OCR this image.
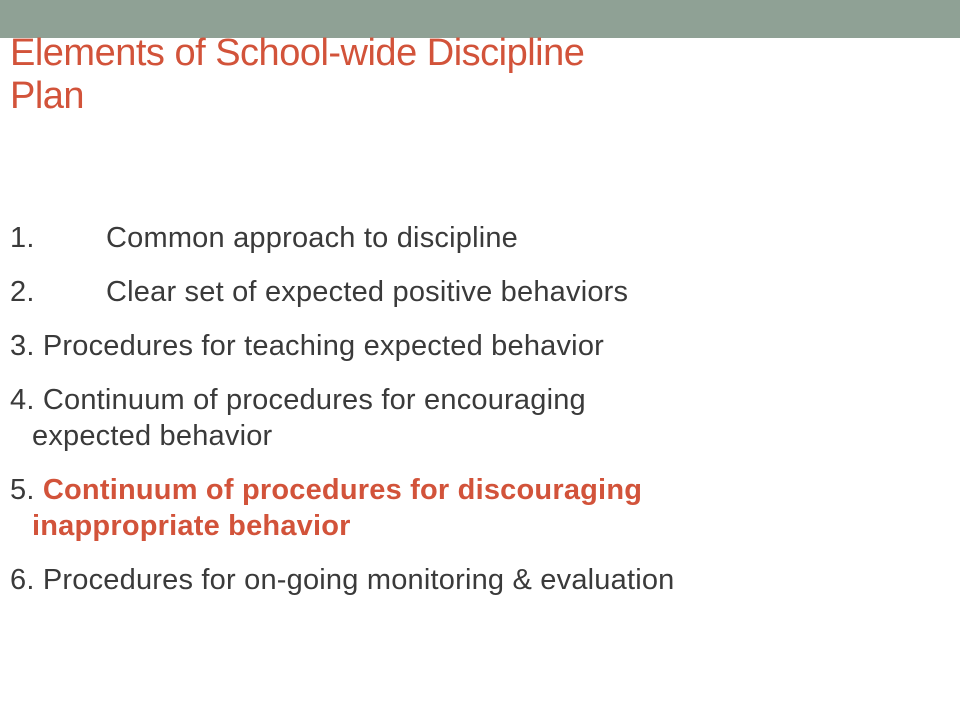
Elements of School-wide Discipline
Plan
1. Common approach to discipline
2. Clear set of expected positive behaviors
3. Procedures for teaching expected behavior
4. Continuum of procedures for encouraging
expected behavior
5. Continuum of procedures for discouraging
inappropriate behavior
6. Procedures for on-going monitoring & evaluation
